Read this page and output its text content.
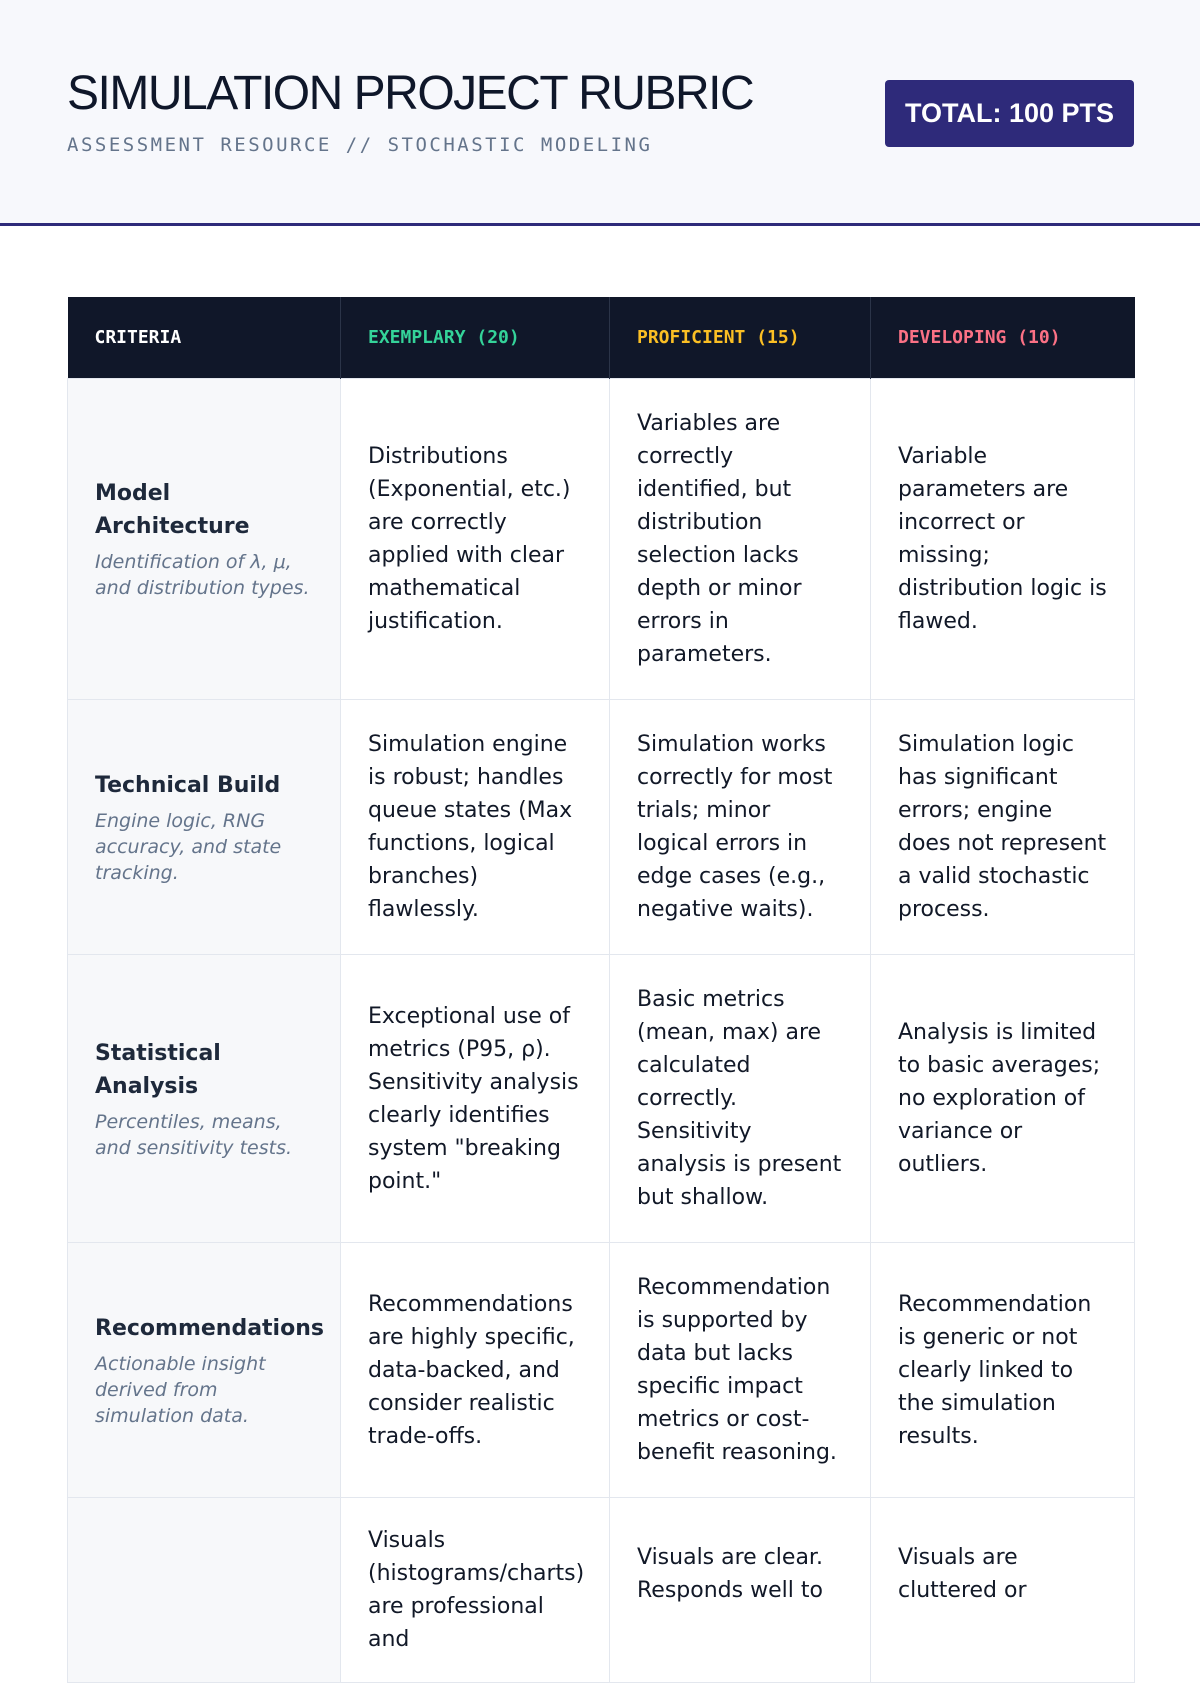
SIMULATION PROJECT RUBRIC
ASSESSMENT RESOURCE // STOCHASTIC MODELING
TOTAL: 100 PTS
CRITERIA	EXEMPLARY (20)	PROFICIENT (15)	DEVELOPING (10)

Model Architecture
Identification of λ, μ, and distribution types.	Distributions (Exponential, etc.) are correctly applied with clear mathematical justification.	Variables are correctly identified, but distribution selection lacks depth or minor errors in parameters.	Variable parameters are incorrect or missing; distribution logic is flawed.

Technical Build
Engine logic, RNG accuracy, and state tracking.	Simulation engine is robust; handles queue states (Max functions, logical branches) flawlessly.	Simulation works correctly for most trials; minor logical errors in edge cases (e.g., negative waits).	Simulation logic has significant errors; engine does not represent a valid stochastic process.

Statistical Analysis
Percentiles, means, and sensitivity tests.	Exceptional use of metrics (P95, ρ). Sensitivity analysis clearly identifies system "breaking point."	Basic metrics (mean, max) are calculated correctly. Sensitivity analysis is present but shallow.	Analysis is limited to basic averages; no exploration of variance or outliers.

Recommendations
Actionable insight derived from simulation data.	Recommendations are highly specific, data-backed, and consider realistic trade-offs.	Recommendation is supported by data but lacks specific impact metrics or cost-benefit reasoning.	Recommendation is generic or not clearly linked to the simulation results.

	Visuals (histograms/charts) are professional and	Visuals are clear. Responds well to	Visuals are cluttered or
